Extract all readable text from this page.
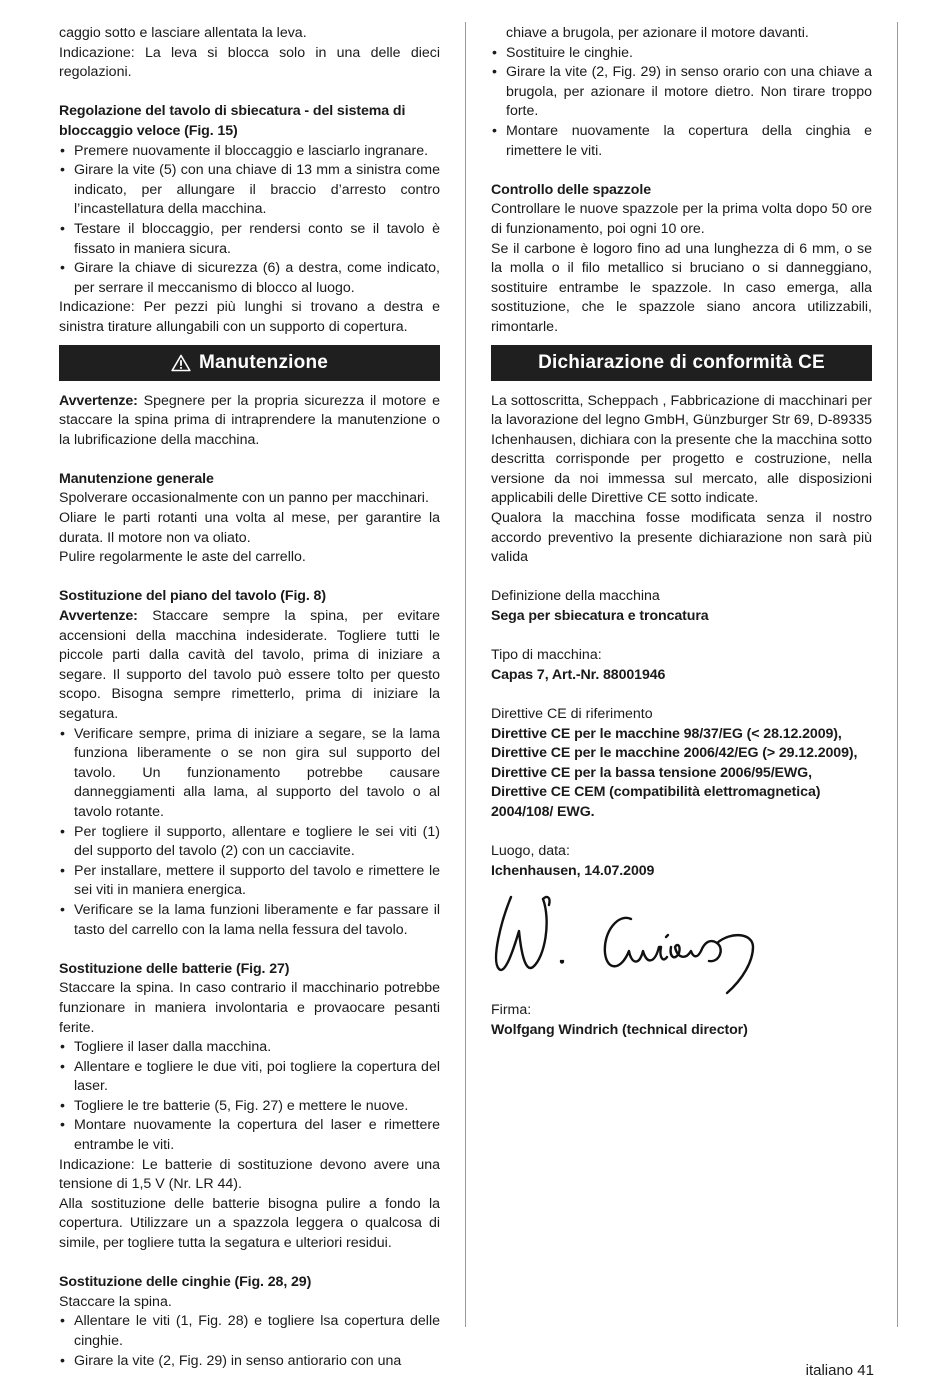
caggio sotto e lasciare allentata la leva.
Indicazione: La leva si blocca solo in una delle dieci regolazioni.
Regolazione del tavolo di sbiecatura - del sistema di bloccaggio veloce (Fig. 15)
• Premere nuovamente il bloccaggio e lasciarlo ingranare.
• Girare la vite (5) con una chiave di 13 mm a sinistra come indicato, per allungare il braccio d’arresto contro l’incastellatura della macchina.
• Testare il bloccaggio, per rendersi conto se il tavolo è fissato in maniera sicura.
• Girare la chiave di sicurezza (6) a destra, come indicato, per serrare il meccanismo di blocco al luogo.
Indicazione: Per pezzi più lunghi si trovano a destra e sinistra tirature allungabili con un supporto di copertura.
Manutenzione
Avvertenze: Spegnere per la propria sicurezza il motore e staccare la spina prima di intraprendere la manutenzione o la lubrificazione della macchina.
Manutenzione generale
Spolverare occasionalmente con un panno per macchinari.
Oliare le parti rotanti una volta al mese, per garantire la durata. Il motore non va oliato.
Pulire regolarmente le aste del carrello.
Sostituzione del piano del tavolo (Fig. 8)
Avvertenze: Staccare sempre la spina, per evitare accensioni della macchina indesiderate. Togliere tutti le piccole parti dalla cavità del tavolo, prima di iniziare a segare. Il supporto del tavolo può essere tolto per questo scopo. Bisogna sempre rimetterlo, prima di iniziare la segatura.
• Verificare sempre, prima di iniziare a segare, se la lama funziona liberamente o se non gira sul supporto del tavolo. Un funzionamento potrebbe causare danneggiamenti alla lama, al supporto del tavolo o al tavolo rotante.
• Per togliere il supporto, allentare e togliere le sei viti (1) del supporto del tavolo (2) con un cacciavite.
• Per installare, mettere il supporto del tavolo e rimettere le sei viti in maniera energica.
• Verificare se la lama funzioni liberamente e far passare il tasto del carrello con la lama nella fessura del tavolo.
Sostituzione delle batterie (Fig. 27)
Staccare la spina. In caso contrario il macchinario potrebbe funzionare in maniera involontaria e provaocare pesanti ferite.
• Togliere il laser dalla macchina.
• Allentare e togliere le due viti, poi togliere la copertura del laser.
• Togliere le tre batterie (5, Fig. 27) e mettere le nuove.
• Montare nuovamente la copertura del laser e rimettere entrambe le viti.
Indicazione: Le batterie di sostituzione devono avere una tensione di 1,5 V (Nr. LR 44).
Alla sostituzione delle batterie bisogna pulire a fondo la copertura. Utilizzare un a spazzola leggera o qualcosa di simile, per togliere tutta la segatura e ulteriori residui.
Sostituzione delle cinghie (Fig. 28, 29)
Staccare la spina.
• Allentare le viti (1, Fig. 28) e togliere lsa copertura delle cinghie.
• Girare la vite (2, Fig. 29) in senso antiorario con una
chiave a brugola, per azionare il motore davanti.
• Sostituire le cinghie.
• Girare la vite (2, Fig. 29) in senso orario con una chiave a brugola, per azionare il motore dietro. Non tirare troppo forte.
• Montare nuovamente la copertura della cinghia e rimettere le viti.
Controllo delle spazzole
Controllare le nuove spazzole per la prima volta dopo 50 ore di funzionamento, poi ogni 10 ore.
Se il carbone è logoro fino ad una lunghezza di 6 mm, o se la molla o il filo metallico si bruciano o si danneggiano, sostituire entrambe le spazzole. In caso emerga, alla sostituzione, che le spazzole siano ancora utilizzabili, rimontarle.
Dichiarazione di conformità CE
La sottoscritta, Scheppach , Fabbricazione di macchinari per la lavorazione del legno GmbH, Günzburger Str 69, D-89335 Ichenhausen, dichiara con la presente che la macchina sotto descritta corrisponde per progetto e costruzione, nella versione da noi immessa sul mercato, alle disposizioni applicabili delle Direttive CE sotto indicate.
Qualora la macchina fosse modificata senza il nostro accordo preventivo la presente dichiarazione non sarà più valida
Definizione della macchina
Sega per sbiecatura e troncatura
Tipo di macchina:
Capas 7, Art.-Nr. 88001946
Direttive CE di riferimento
Direttive CE per le macchine 98/37/EG (< 28.12.2009),
Direttive CE per le macchine 2006/42/EG (> 29.12.2009),
Direttive CE per la bassa tensione 2006/95/EWG,
Direttive CE CEM (compatibilità elettromagnetica) 2004/108/ EWG.
Luogo, data:
Ichenhausen, 14.07.2009
Firma:
Wolfgang Windrich (technical director)
italiano 41
